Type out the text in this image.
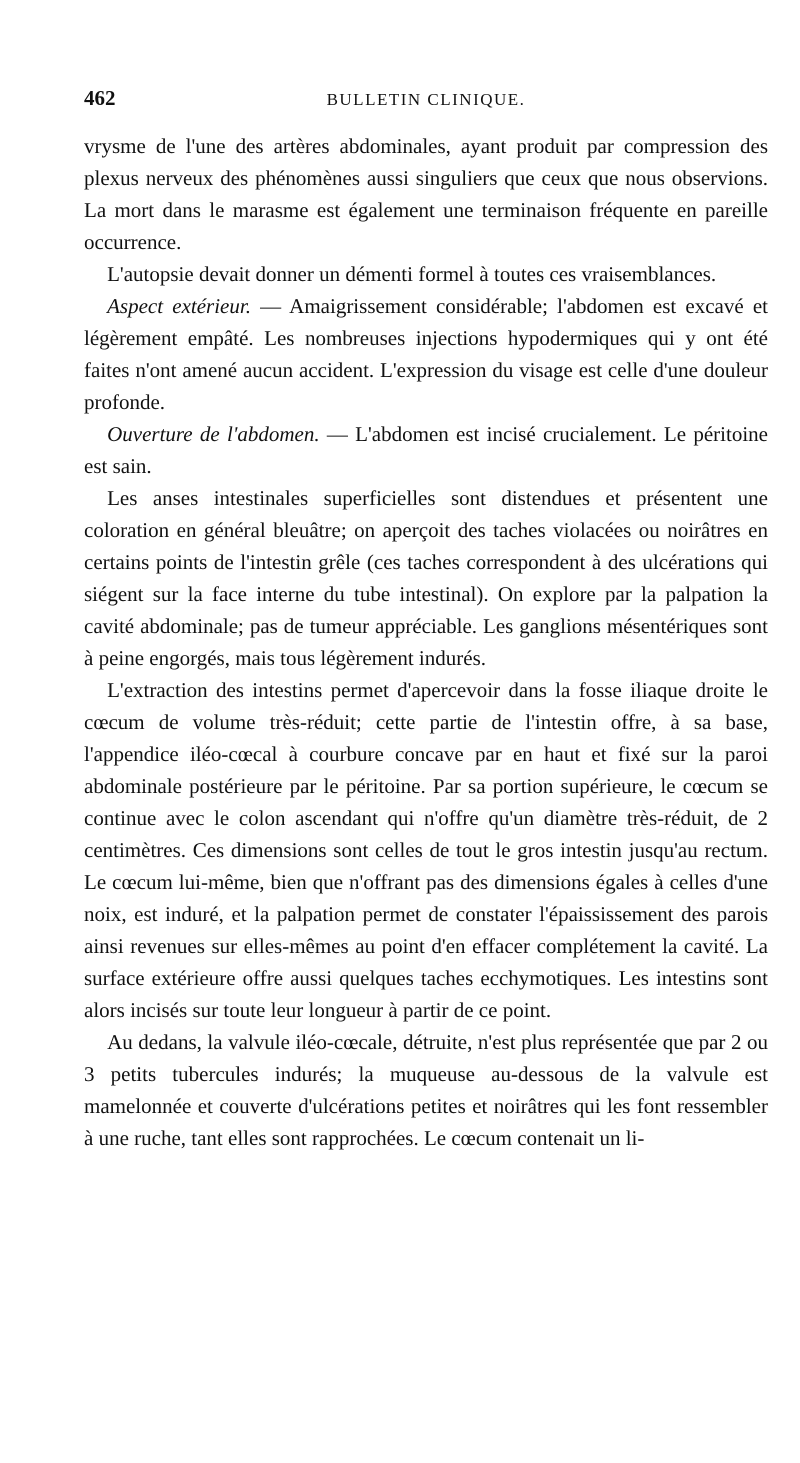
462	BULLETIN CLINIQUE.

vrysme de l'une des artères abdominales, ayant produit par compression des plexus nerveux des phénomènes aussi singuliers que ceux que nous observions. La mort dans le marasme est également une terminaison fréquente en pareille occurrence.

L'autopsie devait donner un démenti formel à toutes ces vraisemblances.

Aspect extérieur. — Amaigrissement considérable; l'abdomen est excavé et légèrement empâté. Les nombreuses injections hypodermiques qui y ont été faites n'ont amené aucun accident. L'expression du visage est celle d'une douleur profonde.

Ouverture de l'abdomen. — L'abdomen est incisé crucialement. Le péritoine est sain.

Les anses intestinales superficielles sont distendues et présentent une coloration en général bleuâtre; on aperçoit des taches violacées ou noirâtres en certains points de l'intestin grêle (ces taches correspondent à des ulcérations qui siégent sur la face interne du tube intestinal). On explore par la palpation la cavité abdominale; pas de tumeur appréciable. Les ganglions mésentériques sont à peine engorgés, mais tous légèrement indurés.

L'extraction des intestins permet d'apercevoir dans la fosse iliaque droite le cœcum de volume très-réduit; cette partie de l'intestin offre, à sa base, l'appendice iléo-cœcal à courbure concave par en haut et fixé sur la paroi abdominale postérieure par le péritoine. Par sa portion supérieure, le cœcum se continue avec le colon ascendant qui n'offre qu'un diamètre très-réduit, de 2 centimètres. Ces dimensions sont celles de tout le gros intestin jusqu'au rectum. Le cœcum lui-même, bien que n'offrant pas des dimensions égales à celles d'une noix, est induré, et la palpation permet de constater l'épaississement des parois ainsi revenues sur elles-mêmes au point d'en effacer complétement la cavité. La surface extérieure offre aussi quelques taches ecchymotiques. Les intestins sont alors incisés sur toute leur longueur à partir de ce point.

Au dedans, la valvule iléo-cœcale, détruite, n'est plus représentée que par 2 ou 3 petits tubercules indurés; la muqueuse au-dessous de la valvule est mamelonnée et couverte d'ulcérations petites et noirâtres qui les font ressembler à une ruche, tant elles sont rapprochées. Le cœcum contenait un li-
